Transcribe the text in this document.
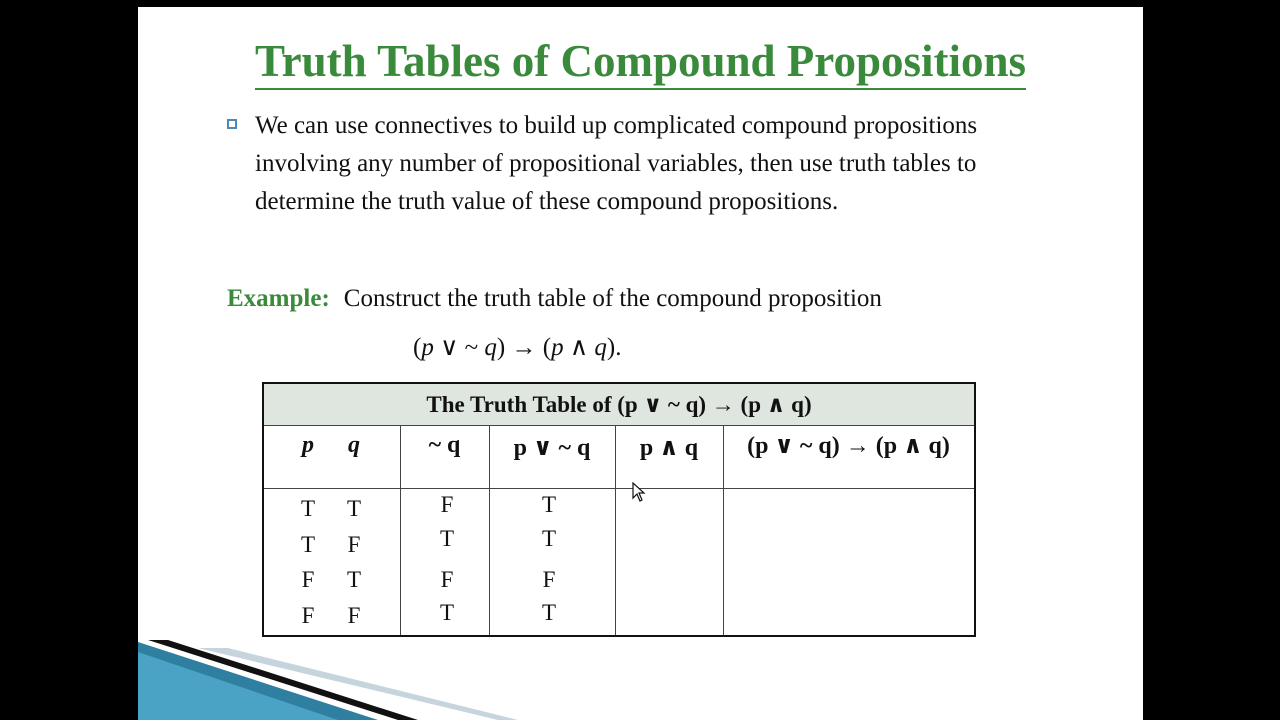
Truth Tables of Compound Propositions
We can use connectives to build up complicated compound propositions involving any number of propositional variables, then use truth tables to determine the truth value of these compound propositions.
Example: Construct the truth table of the compound proposition
(p ∨ ~ q) → (p ∧ q).
The Truth Table of (p ∨ ~ q) → (p ∧ q)
p q	~ q	p ∨ ~ q	p ∧ q	(p ∨ ~ q) → (p ∧ q)
T	T	F	T
T	F	T	T
F	T	F	F
F	F	T	T
